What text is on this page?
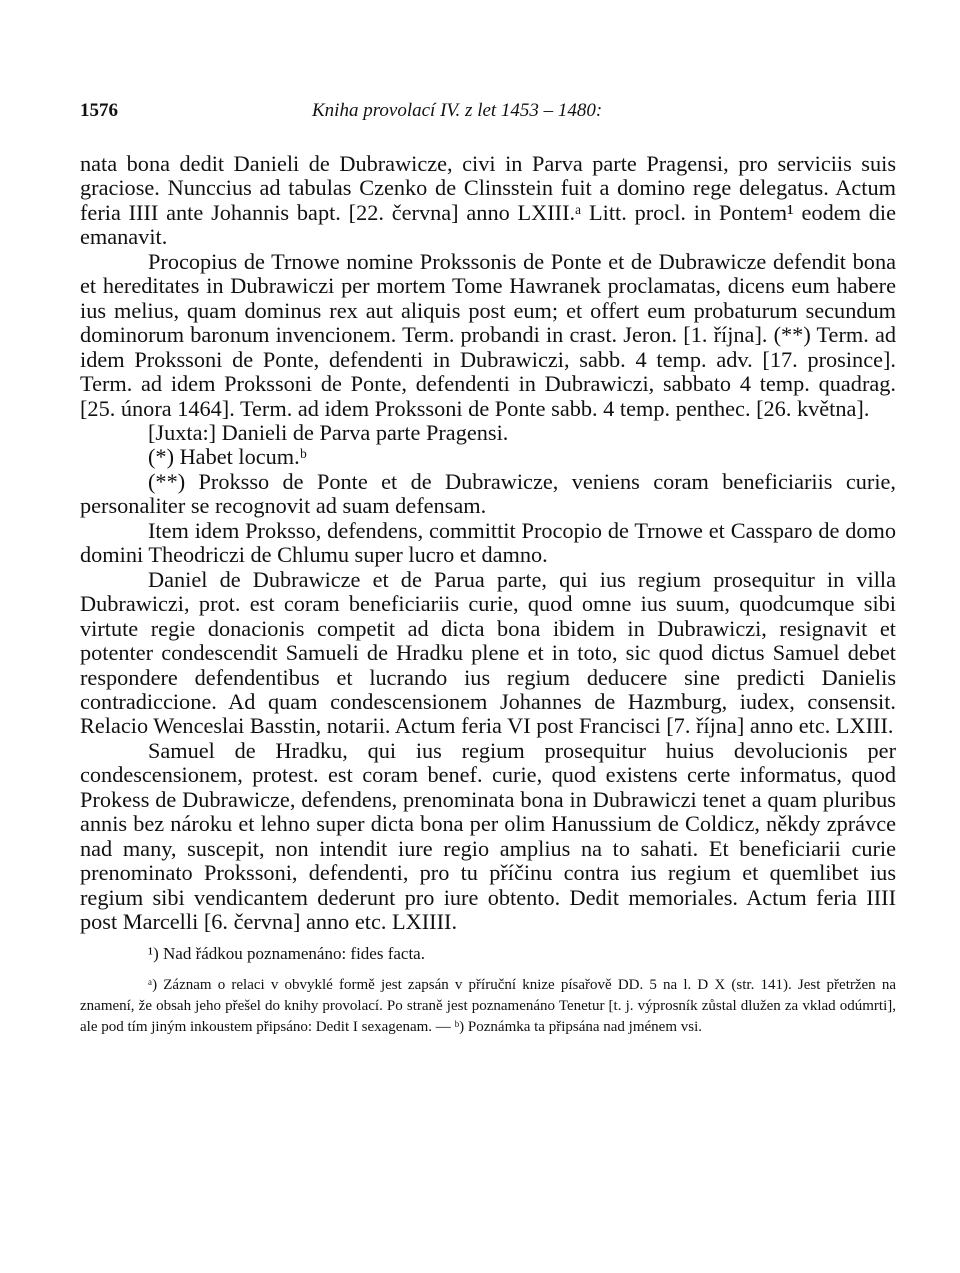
1576	Kniha provolací IV. z let 1453 – 1480:

nata bona dedit Danieli de Dubrawicze, civi in Parva parte Pragensi, pro serviciis suis graciose. Nunccius ad tabulas Czenko de Clinsstein fuit a domino rege delegatus. Actum feria IIII ante Johannis bapt. [22. června] anno LXIII.ᵃ Litt. procl. in Pontem¹ eodem die emanavit.

Procopius de Trnowe nomine Prokssonis de Ponte et de Dubrawicze defendit bona et hereditates in Dubrawiczi per mortem Tome Hawranek proclamatas, dicens eum habere ius melius, quam dominus rex aut aliquis post eum; et offert eum probaturum secundum dominorum baronum invencionem. Term. probandi in crast. Jeron. [1. října]. (**) Term. ad idem Prokssoni de Ponte, defendenti in Dubrawiczi, sabb. 4 temp. adv. [17. prosince]. Term. ad idem Prokssoni de Ponte, defendenti in Dubrawiczi, sabbato 4 temp. quadrag. [25. února 1464]. Term. ad idem Prokssoni de Ponte sabb. 4 temp. penthec. [26. května].

[Juxta:] Danieli de Parva parte Pragensi.

(*) Habet locum.ᵇ

(**) Proksso de Ponte et de Dubrawicze, veniens coram beneficiariis curie, personaliter se recognovit ad suam defensam.

Item idem Proksso, defendens, committit Procopio de Trnowe et Cassparo de domo domini Theodriczi de Chlumu super lucro et damno.

Daniel de Dubrawicze et de Parua parte, qui ius regium prosequitur in villa Dubrawiczi, prot. est coram beneficiariis curie, quod omne ius suum, quodcumque sibi virtute regie donacionis competit ad dicta bona ibidem in Dubrawiczi, resignavit et potenter condescendit Samueli de Hradku plene et in toto, sic quod dictus Samuel debet respondere defendentibus et lucrando ius regium deducere sine predicti Danielis contradiccione. Ad quam condescensionem Johannes de Hazmburg, iudex, consensit. Relacio Wenceslai Basstin, notarii. Actum feria VI post Francisci [7. října] anno etc. LXIII.

Samuel de Hradku, qui ius regium prosequitur huius devolucionis per condescensionem, protest. est coram benef. curie, quod existens certe informatus, quod Prokess de Dubrawicze, defendens, prenominata bona in Dubrawiczi tenet a quam pluribus annis bez nároku et lehno super dicta bona per olim Hanussium de Coldicz, někdy zprávce nad many, suscepit, non intendit iure regio amplius na to sahati. Et beneficiarii curie prenominato Prokssoni, defendenti, pro tu příčinu contra ius regium et quemlibet ius regium sibi vendicantem dederunt pro iure obtento. Dedit memoriales. Actum feria IIII post Marcelli [6. června] anno etc. LXIIII.

¹) Nad řádkou poznamenáno: fides facta.

ᵃ) Záznam o relaci v obvyklé formě jest zapsán v příruční knize písařově DD. 5 na l. D X (str. 141). Jest přetržen na znamení, že obsah jeho přešel do knihy provolací. Po straně jest poznamenáno Tenetur [t. j. výprosník zůstal dlužen za vklad odúmrti], ale pod tím jiným inkoustem připsáno: Dedit I sexagenam. — ᵇ) Poznámka ta připsána nad jménem vsi.
